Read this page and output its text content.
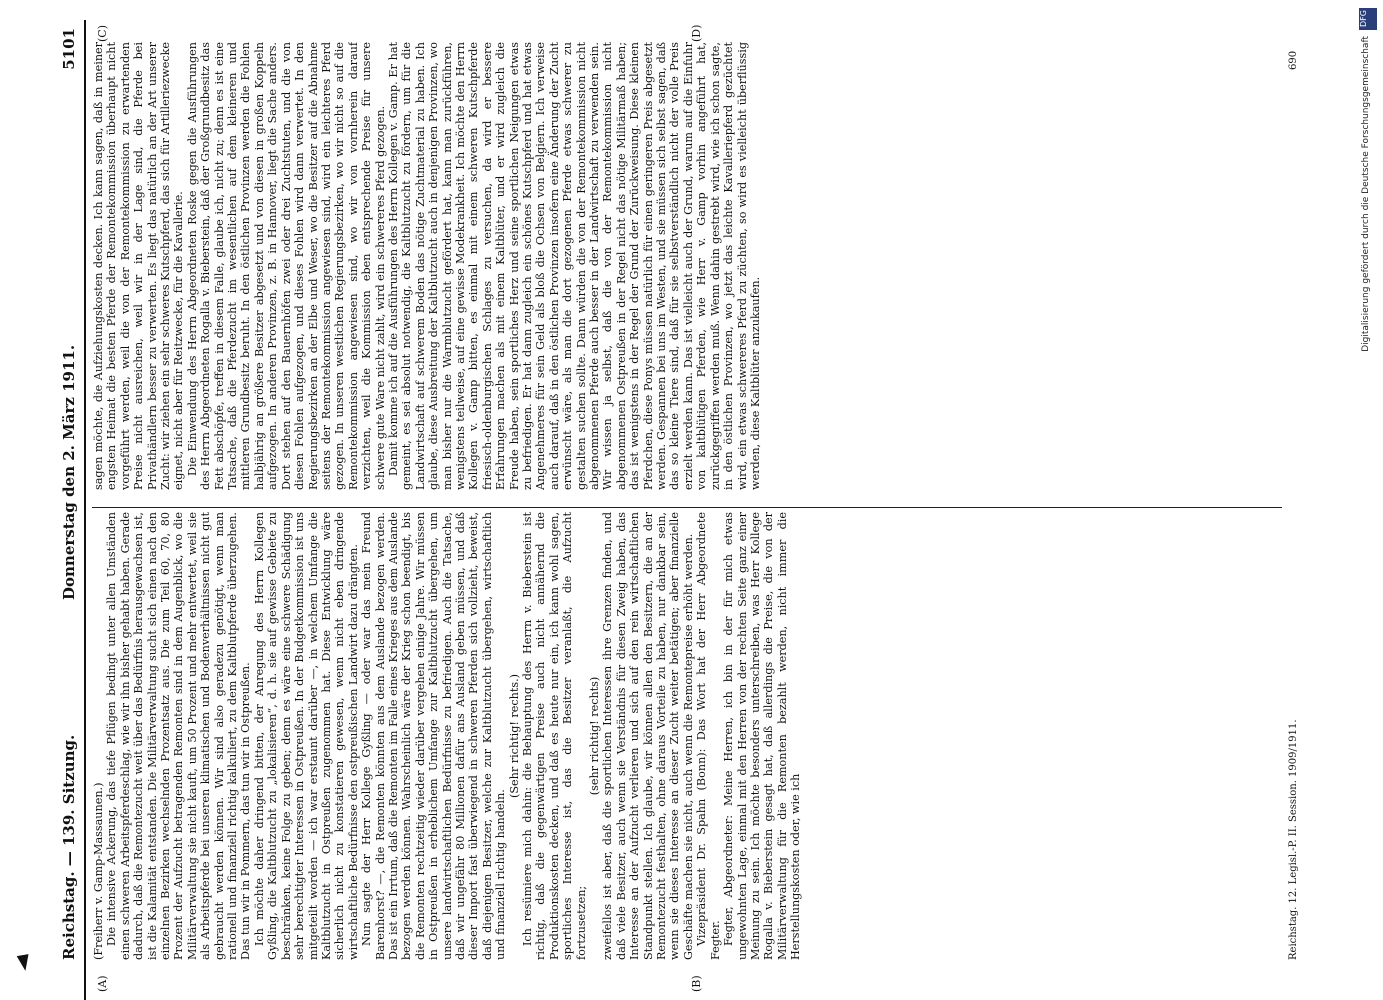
Reichstag. — 139. Sitzung.
Donnerstag den 2. März 1911.
5101
(A)	(B)
(C)	(D)

(Freiherr v. Gamp-Massaunen.) Die intensive Ackerung, das tiefe Pflügen bedingt unter allen Umständen einen schweren Arbeitspferdeschlag, wie wir ihn bisher gehabt haben. Gerade dadurch, daß die Remontezucht weit über das Bedürfnis herausgewachsen ist, ist die Kalamität entstanden. Die Militärverwaltung sucht sich einen nach den einzelnen Bezirken wechselnden Prozentsatz aus. Die zum Teil 60, 70, 80 Prozent der Aufzucht betragenden Remonten sind in dem Augenblick, wo die Militärverwaltung sie nicht kauft, um 50 Prozent und mehr entwertet, weil sie als Arbeitspferde bei unseren klimatischen und Bodenverhältnissen nicht gut gebraucht werden können. Wir sind also geradezu genötigt, wenn man rationell und finanziell richtig kalkuliert, zu dem Kaltblutpferde überzugehen. Das tun wir in Pommern, das tun wir in Ostpreußen. Ich möchte daher dringend bitten, der Anregung des Herrn Kollegen Gyßling, die Kaltblutzucht zu „lokalisieren“, d. h. sie auf gewisse Gebiete zu beschränken, keine Folge zu geben; denn es wäre eine schwere Schädigung sehr berechtigter Interessen in Ostpreußen. In der Budgetkommission ist uns mitgeteilt worden — ich war erstaunt darüber —, in welchem Umfange die Kaltblutzucht in Ostpreußen zugenommen hat. Diese Entwicklung wäre sicherlich nicht zu konstatieren gewesen, wenn nicht eben dringende wirtschaftliche Bedürfnisse den ostpreußischen Landwirt dazu drängten. Nun sagte der Herr Kollege Gyßling — oder war das mein Freund Barenhorst? —, die Remonten könnten aus dem Auslande bezogen werden. Das ist ein Irrtum, daß die Remonten im Falle eines Krieges aus dem Auslande bezogen werden können. Wahrscheinlich wäre der Krieg schon beendigt, bis die Remonten rechtzeitig wieder darüber vergehen einige Jahre. Wir müssen in Ostpreußen in erheblichem Umfange zur Kaltblutzucht übergehen, um unsere landwirtschaftlichen Bedürfnisse zu befriedigen. Auch die Tatsache, daß wir ungefähr 80 Millionen dafür ans Ausland geben müssen, und daß dieser Import fast überwiegend in schweren Pferden sich vollzieht, beweist, daß diejenigen Besitzer, welche zur Kaltblutzucht übergehen, wirtschaftlich und finanziell richtig handeln.

(Sehr richtig! rechts.) Ich resümiere mich dahin: die Behauptung des Herrn v. Bieberstein ist richtig, daß die gegenwärtigen Preise auch nicht annähernd die Produktionskosten decken, und daß es heute nur ein, ich kann wohl sagen, sportliches Interesse ist, das die Besitzer veranlaßt, die Aufzucht fortzusetzen;

(sehr richtig! rechts) zweifellos ist aber, daß die sportlichen Interessen ihre Grenzen finden, und daß viele Besitzer, auch wenn sie Verständnis für diesen Zweig haben, das Interesse an der Aufzucht verlieren und sich auf den rein wirtschaftlichen Standpunkt stellen. Ich glaube, wir können allen den Besitzern, die an der Remontezucht festhalten, ohne daraus Vorteile zu haben, nur dankbar sein, wenn sie dieses Interesse an dieser Zucht weiter betätigen; aber finanzielle Geschäfte machen sie nicht, auch wenn die Remontepreise erhöht werden. Vizepräsident Dr. Spahn (Bonn): Das Wort hat der Herr Abgeordnete Fegter. Fegter, Abgeordneter: Meine Herren, ich bin in der für mich etwas ungewohnten Lage, einmal mit den Herren von der rechten Seite ganz einer Meinung zu sein. Ich möchte besonders unterschreiben, was Herr Kollege Rogalla v. Bieberstein gesagt hat, daß allerdings die Preise, die von der Militärverwaltung für die Remonten bezahlt werden, nicht immer die Herstellungskosten oder, wie ich

sagen möchte, die Aufziehungskosten decken. Ich kann sagen, daß in meiner engsten Heimat die besten Pferde der Remontekommission überhaupt nicht vorgeführt werden, weil die von der Remontekommission zu erwartenden Preise nicht ausreichen, weil wir in der Lage sind, die Pferde bei Privathändlern besser zu verwerten. Es liegt das natürlich an der Art unserer Zucht: wir ziehen ein sehr schweres Kutschpferd, das sich für Artilleriezwecke eignet, nicht aber für Reitzwecke, für die Kavallerie. Die Einwendung des Herrn Abgeordneten Roske gegen die Ausführungen des Herrn Abgeordneten Rogalla v. Bieberstein, daß der Großgrundbesitz das Fett abschöpfe, treffen in diesem Falle, glaube ich, nicht zu; denn es ist eine Tatsache, daß die Pferdezucht im wesentlichen auf dem kleineren und mittleren Grundbesitz beruht. In den östlichen Provinzen werden die Fohlen halbjährig an größere Besitzer abgesetzt und von diesen in großen Koppeln aufgezogen. In anderen Provinzen, z. B. in Hannover, liegt die Sache anders. Dort stehen auf den Bauernhöfen zwei oder drei Zuchtstuten, und die von diesen Fohlen aufgezogen, und dieses Fohlen wird dann verwertet. In den Regierungsbezirken an der Elbe und Weser, wo die Besitzer auf die Abnahme seitens der Remontekommission angewiesen sind, wird ein leichteres Pferd gezogen. In unseren westlichen Regierungsbezirken, wo wir nicht so auf die Remontekommission angewiesen sind, wo wir von vornherein darauf verzichten, weil die Kommission eben entsprechende Preise für unsere schwere gute Ware nicht zahlt, wird ein schwereres Pferd gezogen. Damit komme ich auf die Ausführungen des Herrn Kollegen v. Gamp. Er hat gemeint, es sei absolut notwendig, die Kaltblutzucht zu fördern, um für die Landwirtschaft auf schwerem Boden das nötige Zuchtmaterial zu haben. Ich glaube, diese Ausbreitung der Kaltblutzucht auch in denjenigen Provinzen, wo man bisher nur die Warmblutzucht gefördert hat, kann man zurückführen, wenigstens teilweise, auf eine gewisse Modekrankheit. Ich möchte den Herrn Kollegen v. Gamp bitten, es einmal mit einem schweren Kutschpferde friesisch-oldenburgischen Schlages zu versuchen, da wird er bessere Erfahrungen machen als mit einem Kaltblüter, und er wird zugleich die Freude haben, sein sportliches Herz und seine sportlichen Neigungen etwas zu befriedigen. Er hat dann zugleich ein schönes Kutschpferd und hat etwas Angenehmeres für sein Geld als bloß die Ochsen von Belgiern. Ich verweise auch darauf, daß in den östlichen Provinzen insofern eine Änderung der Zucht erwünscht wäre, als man die dort gezogenen Pferde etwas schwerer zu gestalten suchen sollte. Dann würden die von der Remontekommission nicht abgenommenen Pferde auch besser in der Landwirtschaft zu verwenden sein. Wir wissen ja selbst, daß die von der Remontekommission nicht abgenommenen Ostpreußen in der Regel nicht das nötige Militärmaß haben; das ist wenigstens in der Regel der Grund der Zurückweisung. Diese kleinen Pferdchen, diese Ponys müssen natürlich für einen geringeren Preis abgesetzt werden. Gespannen bei uns im Westen, und sie müssen sich selbst sagen, daß das so kleine Tiere sind, daß für sie selbstverständlich nicht der volle Preis erzielt werden kann. Das ist vielleicht auch der Grund, warum auf die Einfuhr von kaltblütigen Pferden, wie Herr v. Gamp vorhin angeführt hat, zurückgegriffen werden muß. Wenn dahin gestrebt wird, wie ich schon sagte, in den östlichen Provinzen, wo jetzt das leichte Kavalleriepferd gezüchtet wird, ein etwas schwereres Pferd zu züchten, so wird es vielleicht überflüssig werden, diese Kaltblüter anzukaufen.

Reichstag. 12. Legisl.-P. II. Session. 1909/1911.
690
DFG
Digitalisierung gefördert durch die Deutsche Forschungsgemeinschaft
